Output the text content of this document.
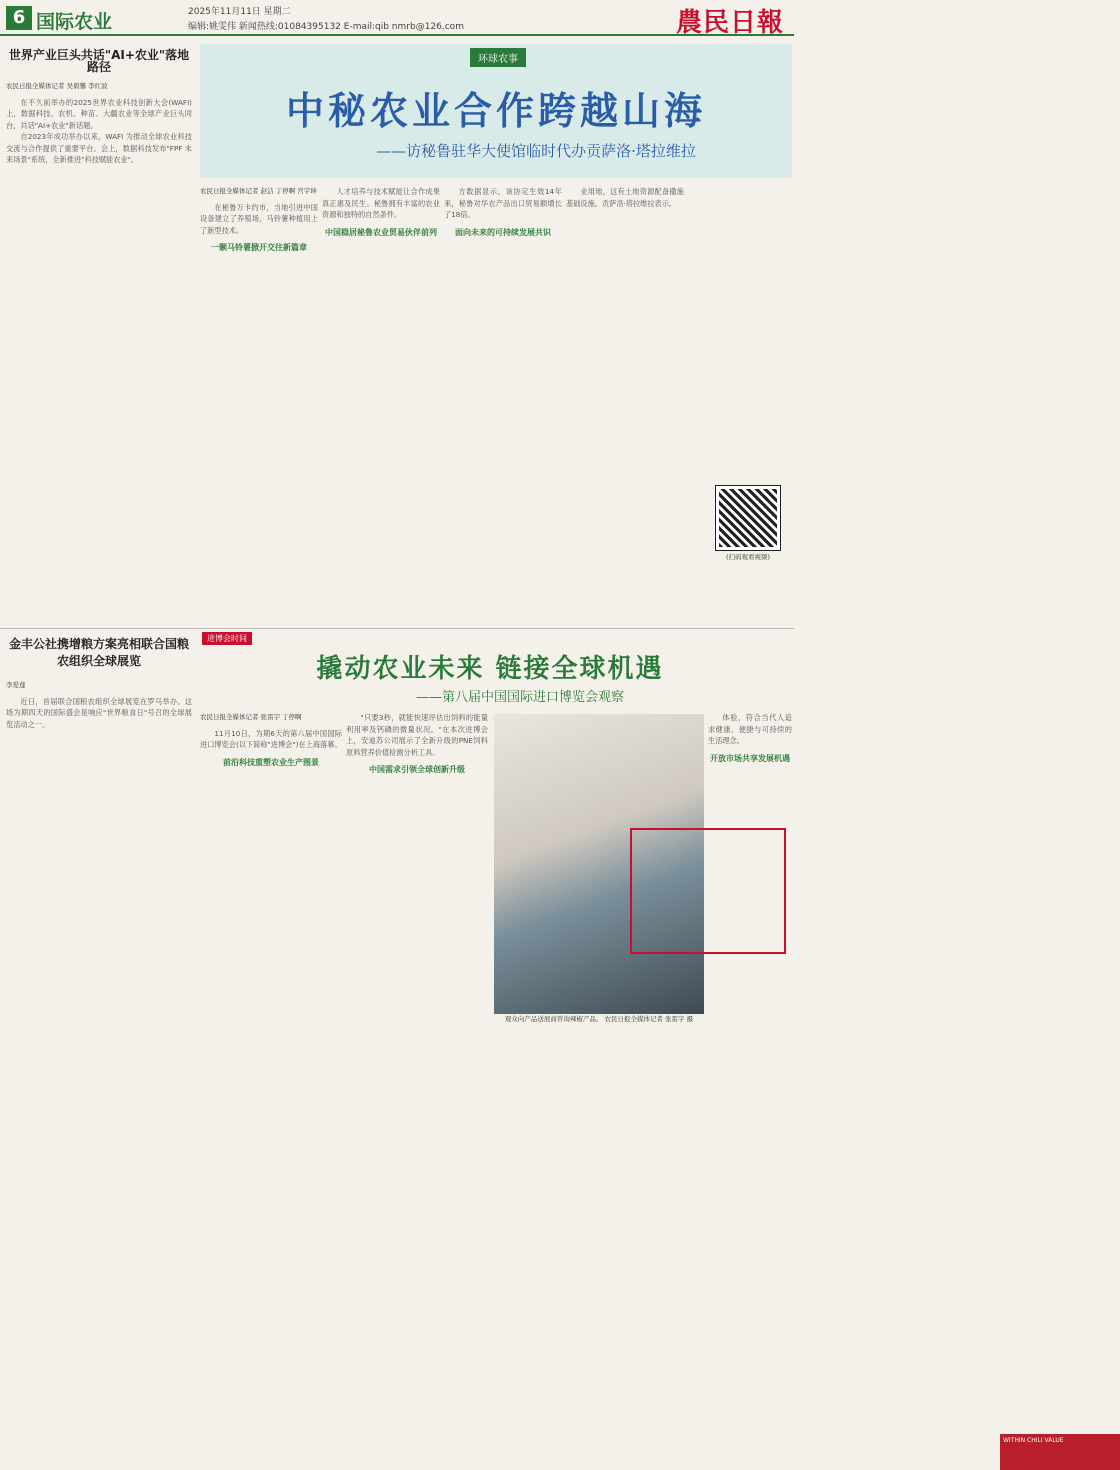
6 国际农业	2025年11月11日 星期二
编辑:姚雯伟 新闻热线:01084395132 E-mail:qib nmrb@126.com	農民日報
世界产业巨头共话"AI+农业"落地路径
农民日报全媒体记者 吴碧馨 李红波

在不久前举办的2025世界农业科技创新大会(WAFI)上，数据科技、农机、种苗、大疆农业等全球产业巨头同台，共话"AI+农业"新话题。

自2023年成功举办以来，WAFI 为推动全球农业科技交流与合作提供了重要平台。会上，数据科技发布"FPF 未来场景"系统，全新推进"科技赋能农业"。

环球农事
中秘农业合作跨越山海
——访秘鲁驻华大使馆临时代办贡萨洛·塔拉维拉
农民日报全媒体记者 赵洁 丁停啊 宫宇坤

在秘鲁万卡约市，当地引进中国设备建立了养殖场，马铃薯种植用上了新型技术。

一颗马铃薯掀开交往新篇章

人才培养与技术赋能让合作成果真正惠及民生。秘鲁拥有丰富的农业资源和独特的自然条件。

中国稳居秘鲁农业贸易伙伴前列

方数据显示，该协定生效14年来，秘鲁对华农产品出口贸易额增长了18倍。

面向未来的可持续发展共识

业用地，这有土地资源配备撒施基础设施。贡萨洛·塔拉维拉表示。

(扫码观看视频)
金丰公社携增粮方案亮相联合国粮农组织全球展览
李爱莲

近日，首届联合国粮农组织全球展览在罗马举办。这场为期四天的国际盛会是响应"世界粮食日"号召的全球展览活动之一。

进博会时间
撬动农业未来 链接全球机遇
——第八届中国国际进口博览会观察
农民日报全媒体记者 张雷宇 丁停啊

11月10日，为期6天的第八届中国国际进口博览会(以下简称"进博会")在上海落幕。

前沿科技重塑农业生产图景

"只要3秒，就能快速评估出饲料的能量利用率及钙磷的微量状况。"在本次进博会上，安迪苏公司展示了全新升级的PNE饲料原料营养价值检测分析工具。

中国需求引领全球创新升级
WITHIN CHILI VALUE
观众向产品送展商咨询辣椒产品。 农民日报全媒体记者 张雷宇 摄

体验，符合当代人追求健康、便捷与可持续的生活理念。

开放市场共享发展机遇
